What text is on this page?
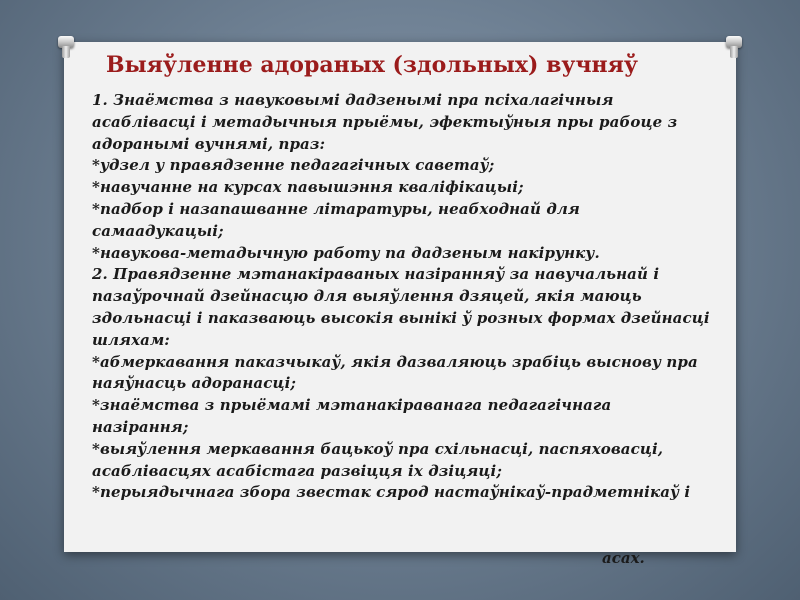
Выяўленне адораных (здольных) вучняў
1. Знаёмства з навуковымі дадзенымі пра псіхалагічныя
асаблівасці і метадычныя прыёмы, эфектыўныя пры рабоце з
адоранымі вучнямі, праз:
*удзел у правядзенне педагагічных саветаў;
*навучанне на курсах павышэння кваліфікацыі;
*падбор і назапашванне літаратуры, неабходнай для
самаадукацыі;
*навукова-метадычную работу па дадзеным накірунку.
2. Правядзенне мэтанакіраваных назіранняў за навучальнай і
пазаўрочнай дзейнасцю для выяўлення дзяцей, якія маюць
здольнасці і паказваюць высокія вынікі ў розных формах дзейнасці
шляхам:
*абмеркавання паказчыкаў, якія дазваляюць зрабіць выснову пра
наяўнасць адоранасці;
*знаёмства з прыёмамі мэтанакіраванага педагагічнага
назірання;
*выяўлення меркавання бацькоў пра схільнасці, паспяховасці,
асаблівасцях асабістага развіцця іх дзіцяці;
*перыядычнага збора звестак сярод настаўнікаў-прадметнікаў і
асах.
